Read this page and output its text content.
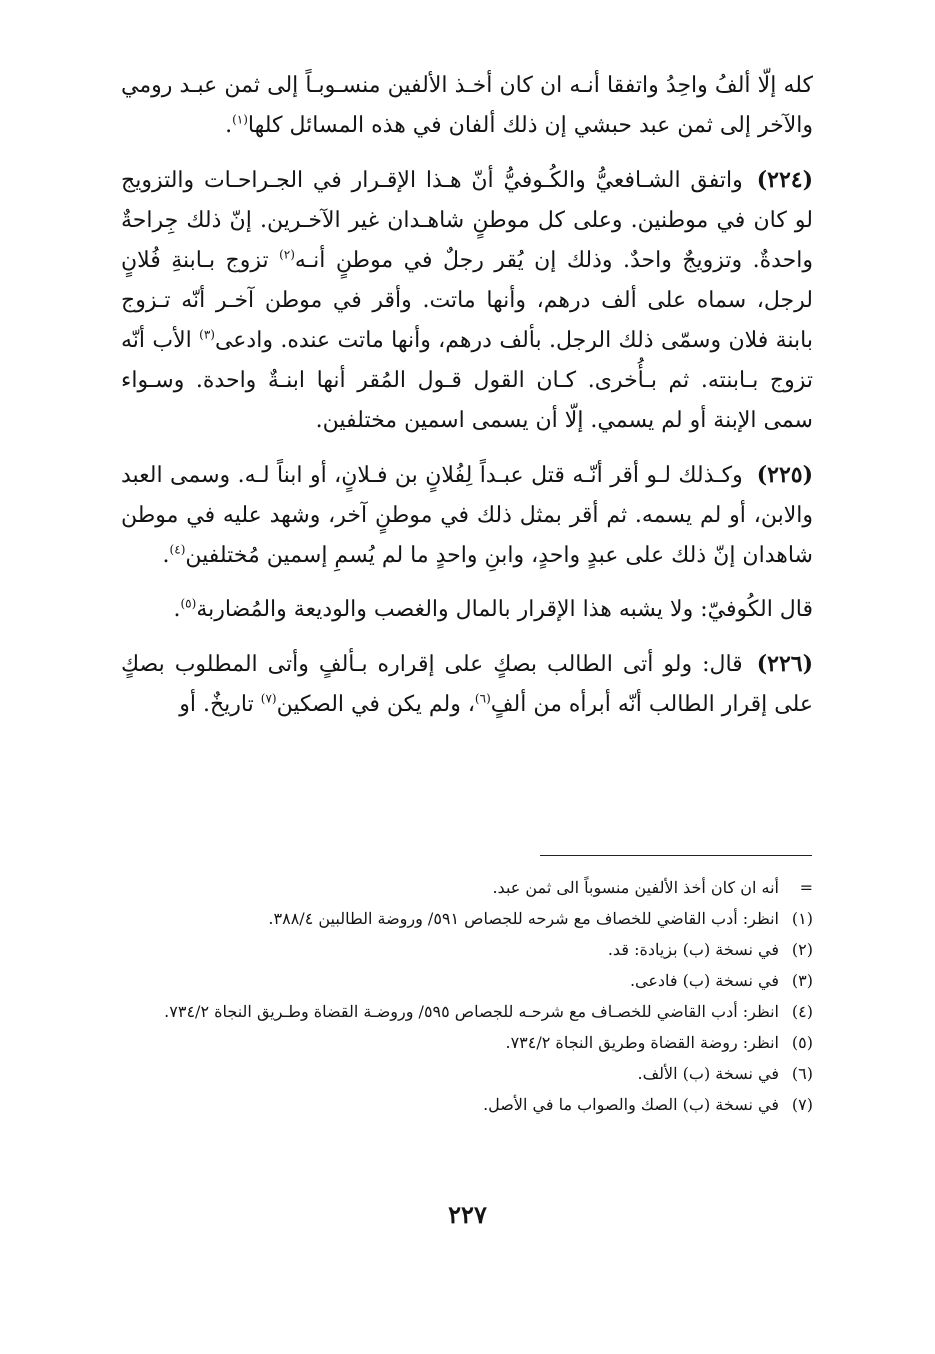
كله إلّا ألفُ واحِدُ واتفقا أنـه ان كان أخـذ الألفين منسـوبـاً إلى ثمن عبـد رومي والآخر إلى ثمن عبد حبشي إن ذلك ألفان في هذه المسائل كلها$^{(١)}$.

(٢٢٤)واتفق الشـافعيُّ والكُـوفيُّ أنّ هـذا الإقـرار في الجـراحـات والتزويج لو كان في موطنين. وعلى كل موطنٍ شاهـدان غير الآخـرين. إنّ ذلك جِراحةٌ واحدةٌ. وتزويجٌ واحدٌ. وذلك إن يُقر رجلٌ في موطنٍ أنـه$^{(٢)}$ تزوج بـابنةِ فُلانٍ لرجل، سماه على ألف درهم، وأنها ماتت. وأقر في موطن آخـر أنّه تـزوج بابنة فلان وسمّى ذلك الرجل. بألف درهم، وأنها ماتت عنده. وادعى$^{(٣)}$ الأب أنّه تزوج بـابنته. ثم بـأُخرى. كـان القول قـول المُقر أنها ابنـةٌ واحدة. وسـواء سمى الإبنة أو لم يسمي. إلّا أن يسمى اسمين مختلفين.

(٢٢٥)وكـذلك لـو أقر أنّـه قتل عبـداً لِفُلانٍ بن فـلانٍ، أو ابناً لـه. وسمى العبد والابن، أو لم يسمه. ثم أقر بمثل ذلك في موطنٍ آخر، وشهد عليه في موطن شاهدان إنّ ذلك على عبدٍ واحدٍ، وابنِ واحدٍ ما لم يُسمِ إسمين مُختلفين$^{(٤)}$.

قال الكُوفيّ: ولا يشبه هذا الإقرار بالمال والغصب والوديعة والمُضاربة$^{(٥)}$.

(٢٢٦)قال: ولو أتى الطالب بصكٍ على إقراره بـألفٍ وأتى المطلوب بصكٍ على إقرار الطالب أنّه أبرأه من ألفٍ$^{(٦)}$، ولم يكن في الصكين$^{(٧)}$ تاريخٌ. أو

=
أنه ان كان أخذ الألفين منسوباً الى ثمن عبد.
(١)
انظر: أدب القاضي للخصاف مع شرحه للجصاص ٥٩١/ وروضة الطالبين ٣٨٨/٤.
(٢)
في نسخة (ب) بزيادة: قد.
(٣)
في نسخة (ب) فادعى.
(٤)
انظر: أدب القاضي للخصـاف مع شرحـه للجصاص ٥٩٥/ وروضـة القضاة وطـريق النجاة ٧٣٤/٢.
(٥)
انظر: روضة القضاة وطريق النجاة ٧٣٤/٢.
(٦)
في نسخة (ب) الألف.
(٧)
في نسخة (ب) الصك والصواب ما في الأصل.
٢٢٧
